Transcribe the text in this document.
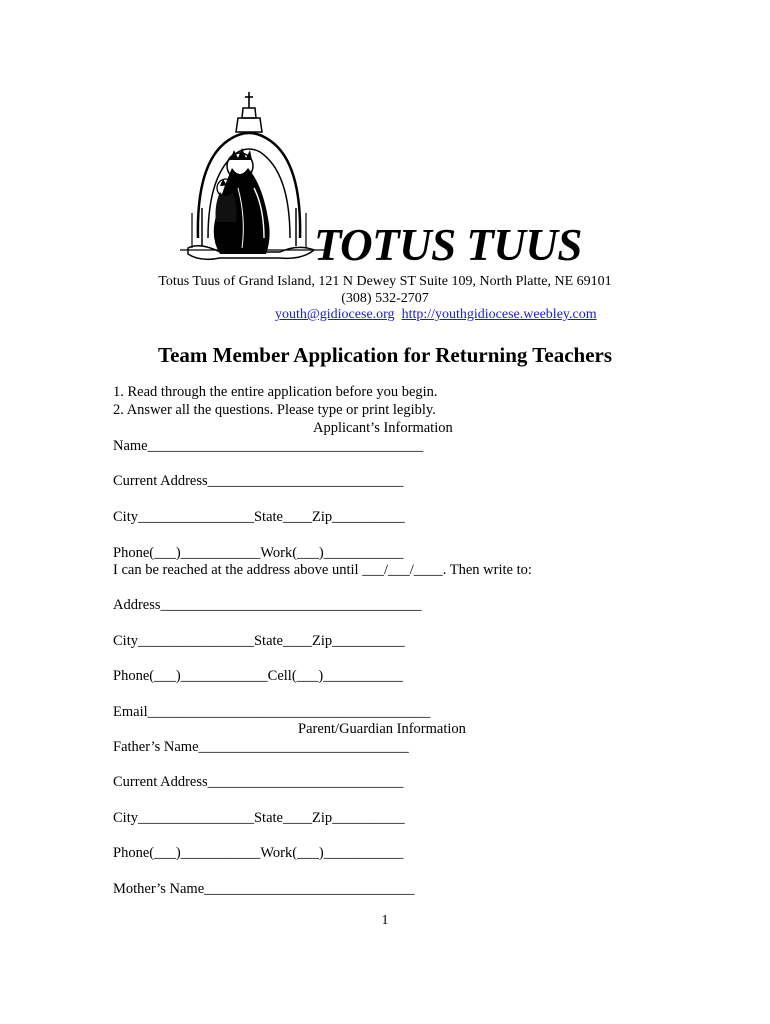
TOTUS TUUS
Totus Tuus of Grand Island, 121 N Dewey ST Suite 109, North Platte, NE 69101
(308) 532-2707
youth@gidiocese.org http://youthgidiocese.weebley.com
Team Member Application for Returning Teachers
1. Read through the entire application before you begin.
2. Answer all the questions. Please type or print legibly.
Applicant’s Information
Name______________________________________
Current Address___________________________
City________________State____Zip__________
Phone(___)___________Work(___)___________
I can be reached at the address above until ___/___/____. Then write to:
Address____________________________________
City________________State____Zip__________
Phone(___)____________Cell(___)___________
Email_______________________________________
Parent/Guardian Information
Father’s Name_____________________________
Current Address___________________________
City________________State____Zip__________
Phone(___)___________Work(___)___________
Mother’s Name_____________________________
1
